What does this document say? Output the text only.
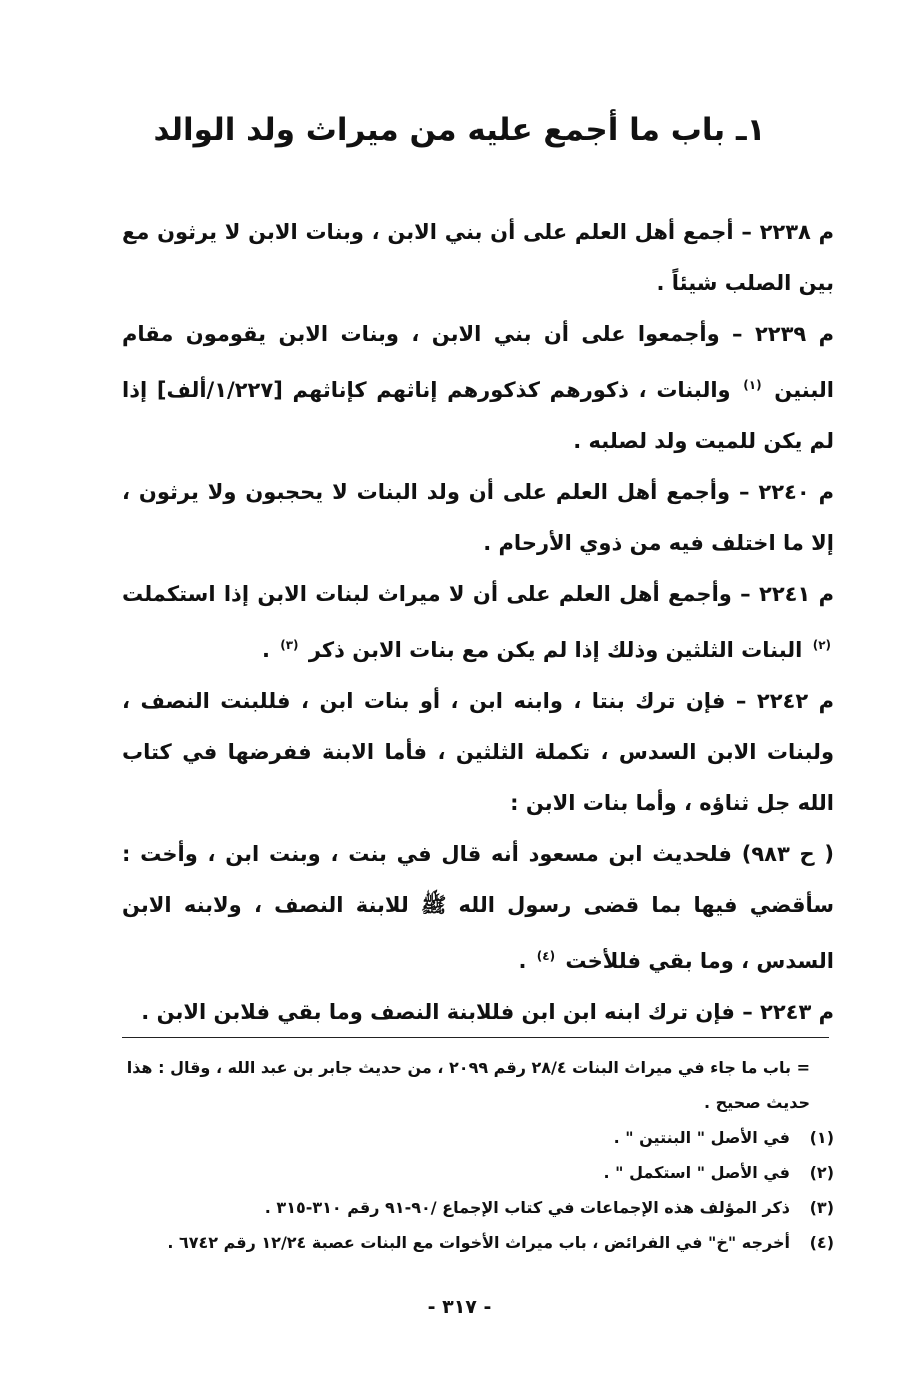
١ـ باب ما أجمع عليه من ميراث ولد الوالد

م ٢٢٣٨ – أجمع أهل العلم على أن بني الابن ، وبنات الابن لا يرثون مع بين الصلب شيئاً .

م ٢٢٣٩ – وأجمعوا على أن بني الابن ، وبنات الابن يقومون مقام البنين $^{(١)}$ والبنات ، ذكورهم كذكورهم إناثهم كإناثهم [١/٢٢٧/ألف] إذا لم يكن للميت ولد لصلبه .

م ٢٢٤٠ – وأجمع أهل العلم على أن ولد البنات لا يحجبون ولا يرثون ، إلا ما اختلف فيه من ذوي الأرحام .

م ٢٢٤١ – وأجمع أهل العلم على أن لا ميراث لبنات الابن إذا استكملت $^{(٢)}$ البنات الثلثين وذلك إذا لم يكن مع بنات الابن ذكر $^{(٣)}$ .

م ٢٢٤٢ – فإن ترك بنتا ، وابنه ابن ، أو بنات ابن ، فللبنت النصف ، ولبنات الابن السدس ، تكملة الثلثين ، فأما الابنة ففرضها في كتاب الله جل ثناؤه ، وأما بنات الابن :

( ح ٩٨٣) فلحديث ابن مسعود أنه قال في بنت ، وبنت ابن ، وأخت : سأقضي فيها بما قضى رسول الله ﷺ للابنة النصف ، ولابنه الابن السدس ، وما بقي فللأخت $^{(٤)}$ .

م ٢٢٤٣ – فإن ترك ابنه ابن ابن فللابنة النصف وما بقي فلابن الابن .

= باب ما جاء في ميراث البنات ٢٨/٤ رقم ٢٠٩٩ ، من حديث جابر بن عبد الله ، وقال : هذا حديث صحيح .
(١)
في الأصل " البنتين " .
(٢)
في الأصل " استكمل " .
(٣)
ذكر المؤلف هذه الإجماعات في كتاب الإجماع /٩٠-٩١ رقم ٣١٠-٣١٥ .
(٤)
أخرجه "خ" في الفرائض ، باب ميراث الأخوات مع البنات عصبة ١٢/٢٤ رقم ٦٧٤٢ .
- ٣١٧ -
